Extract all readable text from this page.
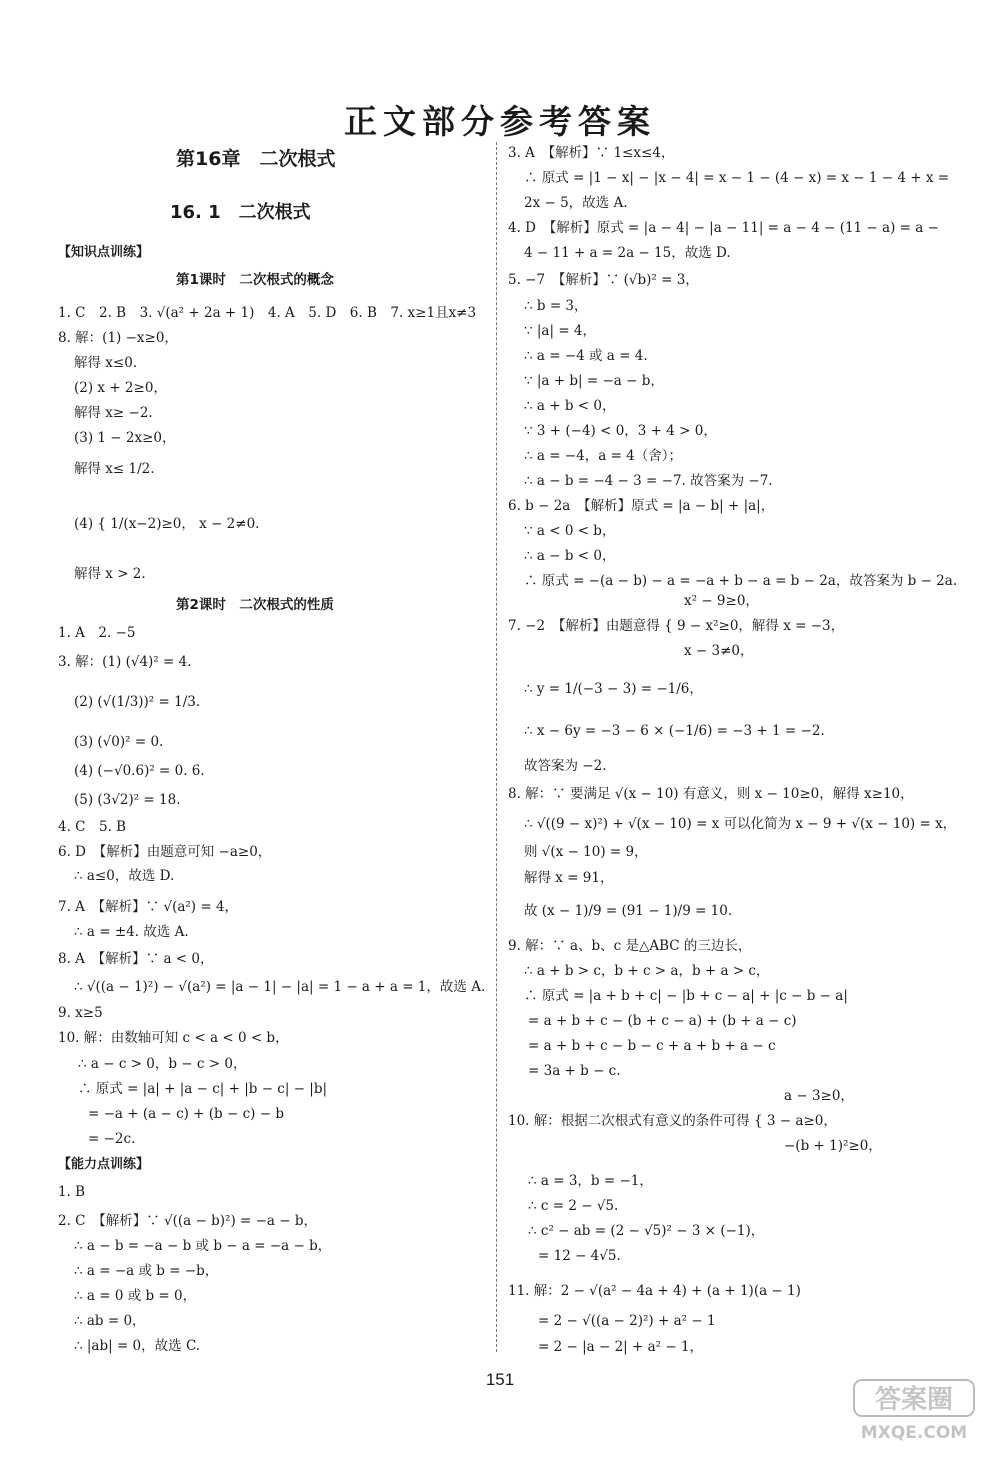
正文部分参考答案
第16章　二次根式
16. 1　二次根式
【知识点训练】
第1课时　二次根式的概念
1. C　2. B　3. √(a² + 2a + 1)　4. A　5. D　6. B　7. x≥1且x≠3
8. 解：(1) −x≥0，
解得 x≤0.
(2) x + 2≥0，
解得 x≥ −2.
(3) 1 − 2x≥0，
解得 x≤ 1/2.
(4) { 1/(x−2)≥0， x − 2≠0.
解得 x > 2.
第2课时　二次根式的性质
1. A　2. −5
3. 解：(1) (√4)² = 4.
(2) (√(1/3))² = 1/3.
(3) (√0)² = 0.
(4) (−√0.6)² = 0. 6.
(5) (3√2)² = 18.
4. C　5. B
6. D　【解析】由题意可知 −a≥0，
∴ a≤0，故选 D.
7. A　【解析】∵ √(a²) = 4，
∴ a = ±4. 故选 A.
8. A　【解析】∵ a < 0，
∴ √((a − 1)²) − √(a²) = |a − 1| − |a| = 1 − a + a = 1，故选 A.
9. x≥5
10. 解：由数轴可知 c < a < 0 < b，
∴ a − c > 0，b − c > 0，
∴ 原式 = |a| + |a − c| + |b − c| − |b|
= −a + (a − c) + (b − c) − b
= −2c.
【能力点训练】
1. B
2. C　【解析】∵ √((a − b)²) = −a − b，
∴ a − b = −a − b 或 b − a = −a − b，
∴ a = −a 或 b = −b，
∴ a = 0 或 b = 0，
∴ ab = 0，
∴ |ab| = 0，故选 C.
3. A　【解析】∵ 1≤x≤4，
∴ 原式 = |1 − x| − |x − 4| = x − 1 − (4 − x) = x − 1 − 4 + x =
2x − 5，故选 A.
4. D　【解析】原式 = |a − 4| − |a − 11| = a − 4 − (11 − a) = a −
4 − 11 + a = 2a − 15，故选 D.
5. −7　【解析】∵ (√b)² = 3，
∴ b = 3，
∵ |a| = 4，
∴ a = −4 或 a = 4.
∵ |a + b| = −a − b，
∴ a + b < 0，
∵ 3 + (−4) < 0，3 + 4 > 0，
∴ a = −4，a = 4（舍）；
∴ a − b = −4 − 3 = −7. 故答案为 −7.
6. b − 2a　【解析】原式 = |a − b| + |a|，
∵ a < 0 < b，
∴ a − b < 0，
∴ 原式 = −(a − b) − a = −a + b − a = b − 2a，故答案为 b − 2a.
x² − 9≥0，
7. −2　【解析】由题意得 { 9 − x²≥0，解得 x = −3，
x − 3≠0，
∴ y = 1/(−3 − 3) = −1/6，
∴ x − 6y = −3 − 6 × (−1/6) = −3 + 1 = −2.
故答案为 −2.
8. 解：∵ 要满足 √(x − 10) 有意义，则 x − 10≥0，解得 x≥10，
∴ √((9 − x)²) + √(x − 10) = x 可以化简为 x − 9 + √(x − 10) = x，
则 √(x − 10) = 9，
解得 x = 91，
故 (x − 1)/9 = (91 − 1)/9 = 10.
9. 解：∵ a、b、c 是△ABC 的三边长，
∴ a + b > c，b + c > a，b + a > c，
∴ 原式 = |a + b + c| − |b + c − a| + |c − b − a|
= a + b + c − (b + c − a) + (b + a − c)
= a + b + c − b − c + a + b + a − c
= 3a + b − c.
a − 3≥0，
10. 解：根据二次根式有意义的条件可得 { 3 − a≥0，
−(b + 1)²≥0，
∴ a = 3，b = −1，
∴ c = 2 − √5.
∴ c² − ab = (2 − √5)² − 3 × (−1)，
= 12 − 4√5.
11. 解：2 − √(a² − 4a + 4) + (a + 1)(a − 1)
= 2 − √((a − 2)²) + a² − 1
= 2 − |a − 2| + a² − 1，
151
答案圈
MXQE.COM
